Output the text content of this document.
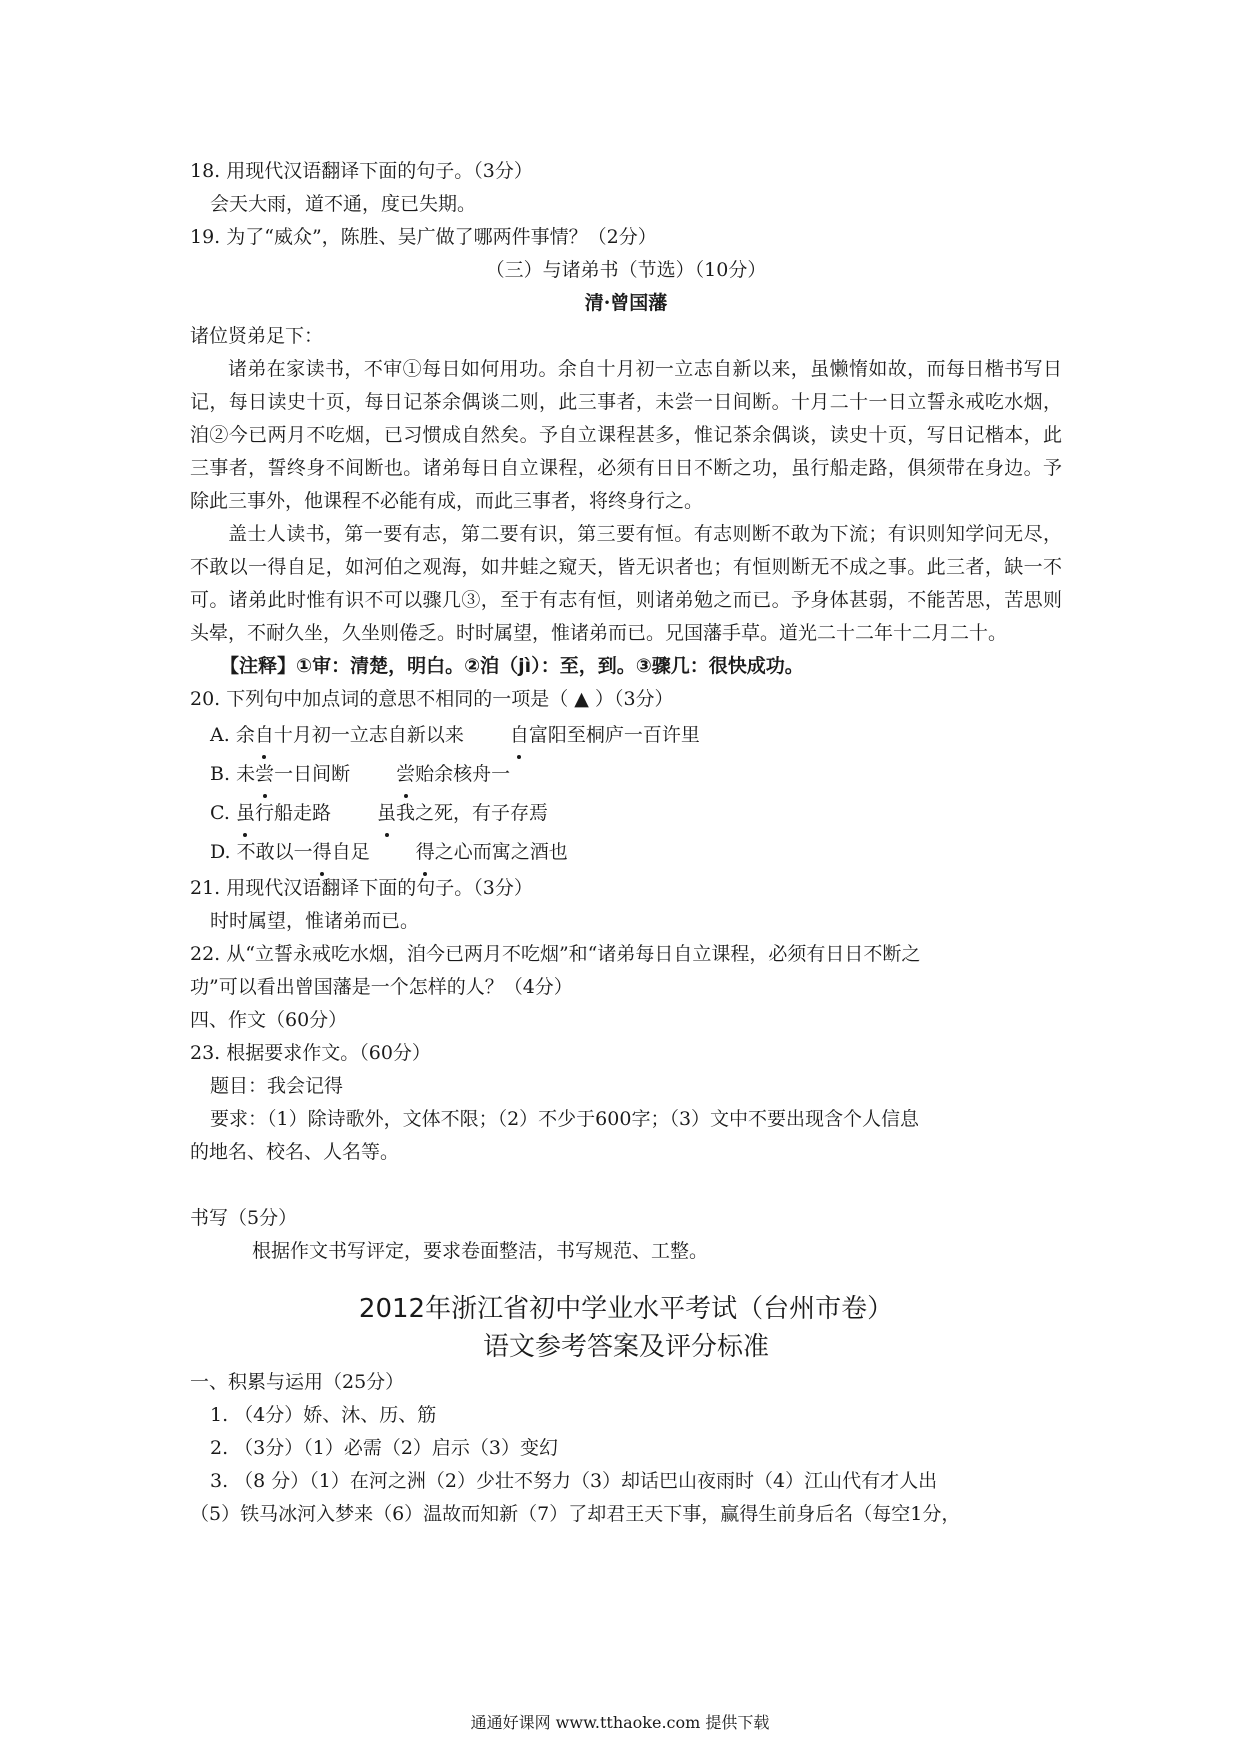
18. 用现代汉语翻译下面的句子。（3分）

会天大雨，道不通，度已失期。

19. 为了“威众”，陈胜、吴广做了哪两件事情？（2分）

（三）与诸弟书（节选）（10分）

清·曾国藩

诸位贤弟足下：

诸弟在家读书，不审①每日如何用功。余自十月初一立志自新以来，虽懒惰如故，而每日楷书写日记，每日读史十页，每日记茶余偶谈二则，此三事者，未尝一日间断。十月二十一日立誓永戒吃水烟，洎②今已两月不吃烟，已习惯成自然矣。予自立课程甚多，惟记茶余偶谈，读史十页，写日记楷本，此三事者，誓终身不间断也。诸弟每日自立课程，必须有日日不断之功，虽行船走路，俱须带在身边。予除此三事外，他课程不必能有成，而此三事者，将终身行之。

盖士人读书，第一要有志，第二要有识，第三要有恒。有志则断不敢为下流；有识则知学问无尽，不敢以一得自足，如河伯之观海，如井蛙之窥天，皆无识者也；有恒则断无不成之事。此三者，缺一不可。诸弟此时惟有识不可以骤几③，至于有志有恒，则诸弟勉之而已。予身体甚弱，不能苦思，苦思则头晕，不耐久坐，久坐则倦乏。时时属望，惟诸弟而已。兄国藩手草。道光二十二年十二月二十。

【注释】①审：清楚，明白。②洎（jì）：至，到。③骤几：很快成功。

20. 下列句中加点词的意思不相同的一项是（ ▲ ）（3分）

A. 余自十月初一立志自新以来 自富阳至桐庐一百许里
B. 未尝一日间断 尝贻余核舟一
C. 虽行船走路 虽我之死，有子存焉
D. 不敢以一得自足 得之心而寓之酒也

21. 用现代汉语翻译下面的句子。（3分）

时时属望，惟诸弟而已。

22. 从“立誓永戒吃水烟，洎今已两月不吃烟”和“诸弟每日自立课程，必须有日日不断之

功”可以看出曾国藩是一个怎样的人？（4分）

四、作文（60分）

23. 根据要求作文。（60分）

题目：我会记得

要求：（1）除诗歌外，文体不限；（2）不少于600字；（3）文中不要出现含个人信息

的地名、校名、人名等。

书写（5分）

根据作文书写评定，要求卷面整洁，书写规范、工整。

2012年浙江省初中学业水平考试（台州市卷）

语文参考答案及评分标准

一、积累与运用（25分）

1. （4分）娇、沐、历、筋

2. （3分）（1）必需（2）启示（3）变幻

3. （8 分）（1）在河之洲（2）少壮不努力（3）却话巴山夜雨时（4）江山代有才人出

（5）铁马冰河入梦来（6）温故而知新（7）了却君王天下事，赢得生前身后名（每空1分，

通通好课网 www.tthaoke.com 提供下载
